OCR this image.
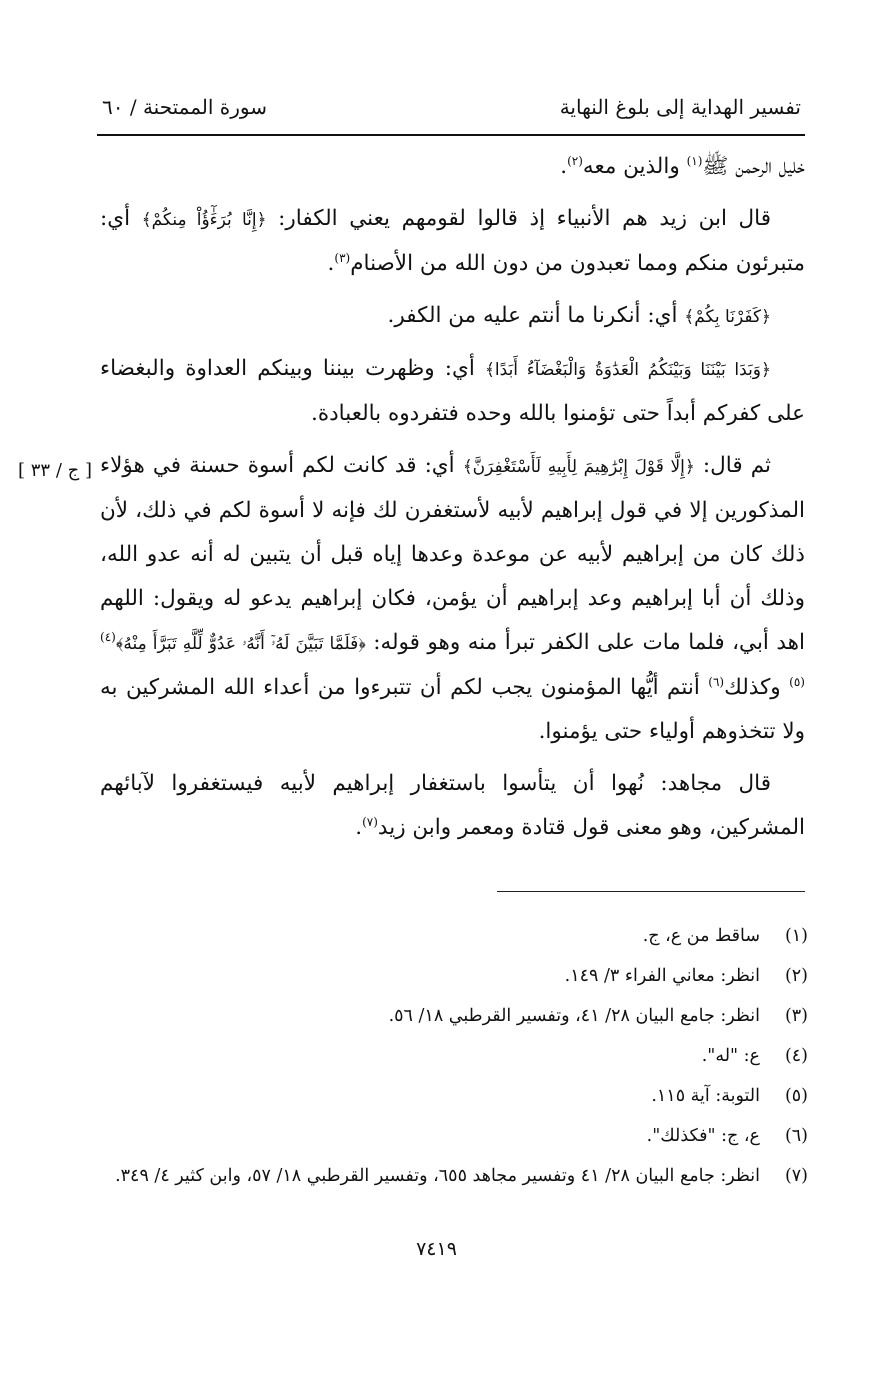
تفسير الهداية إلى بلوغ النهاية
سورة الممتحنة / ٦٠

خليل الرحمن ﷺ$^{(١)}$ والذين معه$^{(٢)}$.

قال ابن زيد هم الأنبياء إذ قالوا لقومهم يعني الكفار: ﴿إِنَّا بُرَءَٰٓؤُاْ مِنكُمْ﴾ أي: متبرئون منكم ومما تعبدون من دون الله من الأصنام$^{(٣)}$.

﴿كَفَرْنَا بِكُمْ﴾ أي: أنكرنا ما أنتم عليه من الكفر.

﴿وَبَدَا بَيْنَنَا وَبَيْنَكُمُ الْعَدَٰوَةُ وَالْبَغْضَآءُ أَبَدًا﴾ أي: وظهرت بيننا وبينكم العداوة والبغضاء على كفركم أبداً حتى تؤمنوا بالله وحده فتفردوه بالعبادة.

ثم قال: ﴿إِلَّا قَوْلَ إِبْرَٰهِيمَ لِأَبِيهِ لَأَسْتَغْفِرَنَّ﴾ أي: قد كانت لكم أسوة حسنة في هؤلاء المذكورين إلا في قول إبراهيم لأبيه لأستغفرن لك فإنه لا أسوة لكم في ذلك، لأن ذلك كان من إبراهيم لأبيه عن موعدة وعدها إياه قبل أن يتبين له أنه عدو الله، وذلك أن أبا إبراهيم وعد إبراهيم أن يؤمن، فكان إبراهيم يدعو له ويقول: اللهم اهد أبي، فلما مات على الكفر تبرأ منه وهو قوله: ﴿فَلَمَّا تَبَيَّنَ لَهُۥٓ أَنَّهُۥ عَدُوٌّ لِّلَّهِ تَبَرَّأَ مِنْهُ﴾$^{(٤)(٥)}$ وكذلك$^{(٦)}$ أنتم أيُّها المؤمنون يجب لكم أن تتبرءوا من أعداء الله المشركين به ولا تتخذوهم أولياء حتى يؤمنوا.

قال مجاهد: نُهوا أن يتأسوا باستغفار إبراهيم لأبيه فيستغفروا لآبائهم المشركين، وهو معنى قول قتادة ومعمر وابن زيد$^{(٧)}$.

[ ج / ٣٣ ]
(١)
ساقط من ع، ج.
(٢)
انظر: معاني الفراء ٣/ ١٤٩.
(٣)
انظر: جامع البيان ٢٨/ ٤١، وتفسير القرطبي ١٨/ ٥٦.
(٤)
ع: "له".
(٥)
التوبة: آية ١١٥.
(٦)
ع، ج: "فكذلك".
(٧)
انظر: جامع البيان ٢٨/ ٤١ وتفسير مجاهد ٦٥٥، وتفسير القرطبي ١٨/ ٥٧، وابن كثير ٤/ ٣٤٩.
٧٤١٩
